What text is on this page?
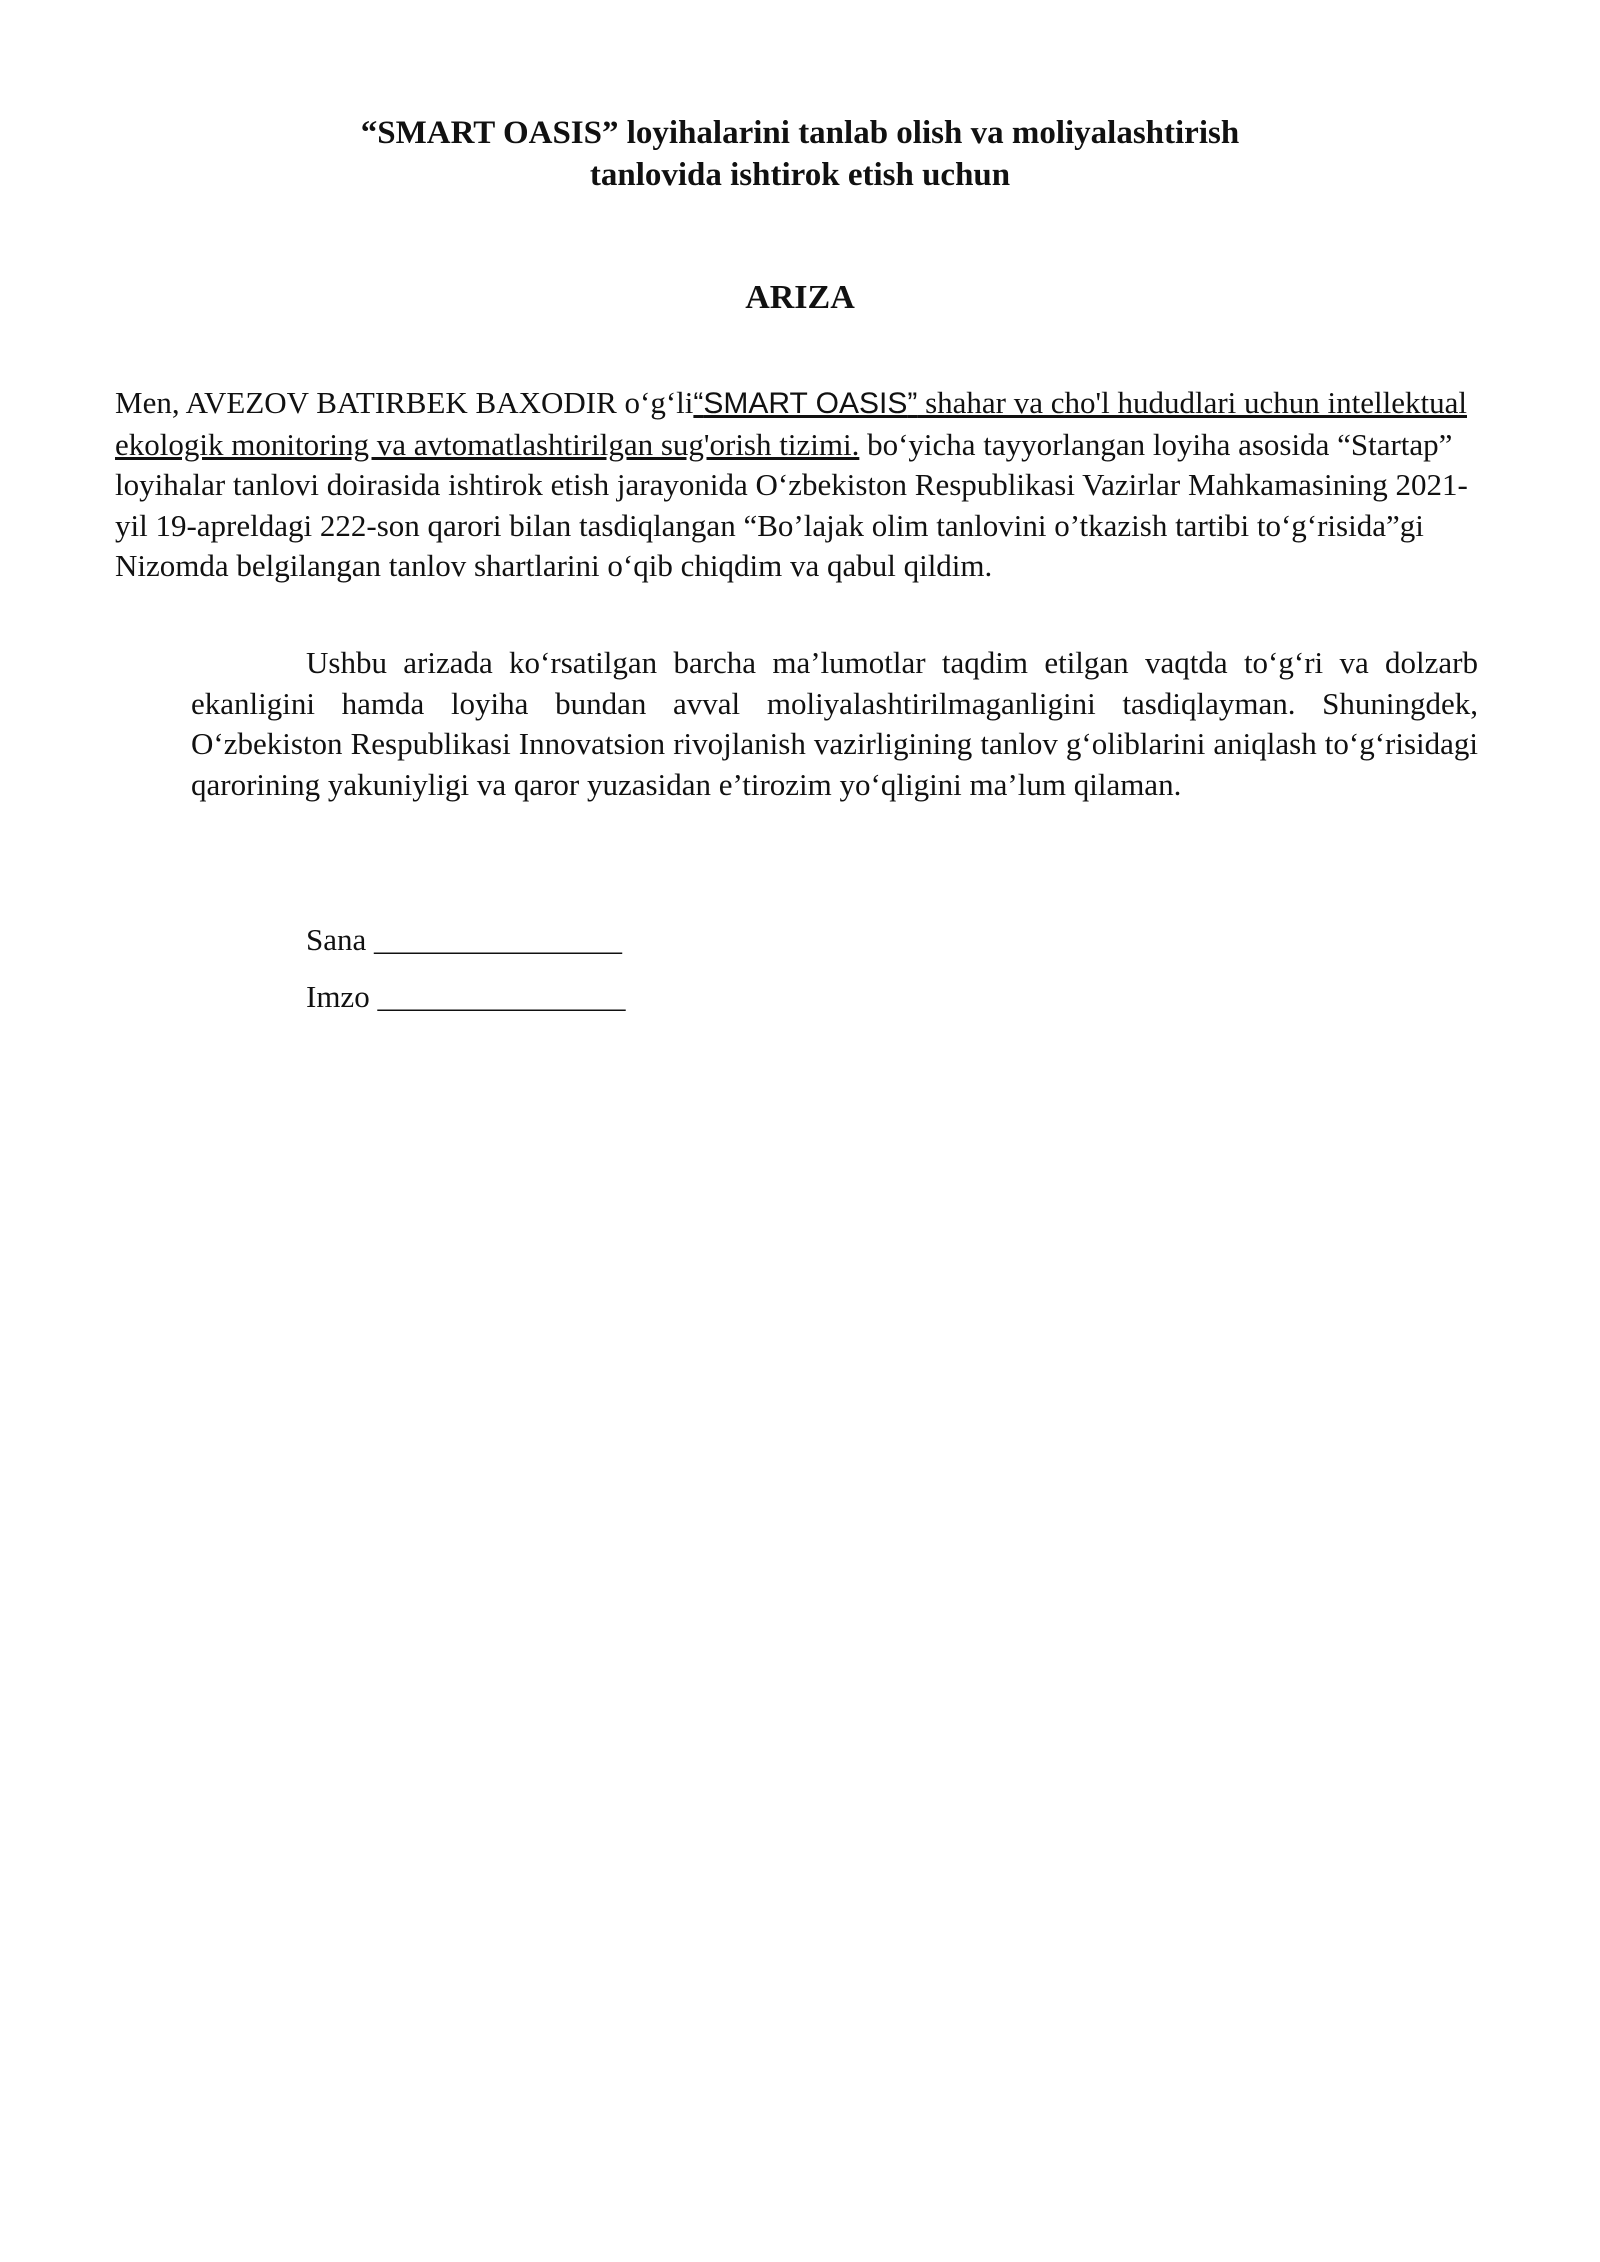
“SMART OASIS” loyihalarini tanlab olish va moliyalashtirish
tanlovida ishtirok etish uchun
ARIZA
Men, AVEZOV BATIRBEK BAXODIR o‘g‘li“SMART OASIS” shahar va cho'l hududlari uchun intellektual ekologik monitoring va avtomatlashtirilgan sug'orish tizimi. bo‘yicha tayyorlangan loyiha asosida “Startap” loyihalar tanlovi doirasida ishtirok etish jarayonida O‘zbekiston Respublikasi Vazirlar Mahkamasining 2021-yil 19-apreldagi 222-son qarori bilan tasdiqlangan “Bo’lajak olim tanlovini o’tkazish tartibi to‘g‘risida”gi Nizomda belgilangan tanlov shartlarini o‘qib chiqdim va qabul qildim.
Ushbu arizada ko‘rsatilgan barcha ma’lumotlar taqdim etilgan vaqtda to‘g‘ri va dolzarb ekanligini hamda loyiha bundan avval moliyalashtirilmaganligini tasdiqlayman. Shuningdek, O‘zbekiston Respublikasi Innovatsion rivojlanish vazirligining tanlov g‘oliblarini aniqlash to‘g‘risidagi qarorining yakuniyligi va qaror yuzasidan e’tirozim yo‘qligini ma’lum qilaman.
Sana ________________
Imzo ________________
